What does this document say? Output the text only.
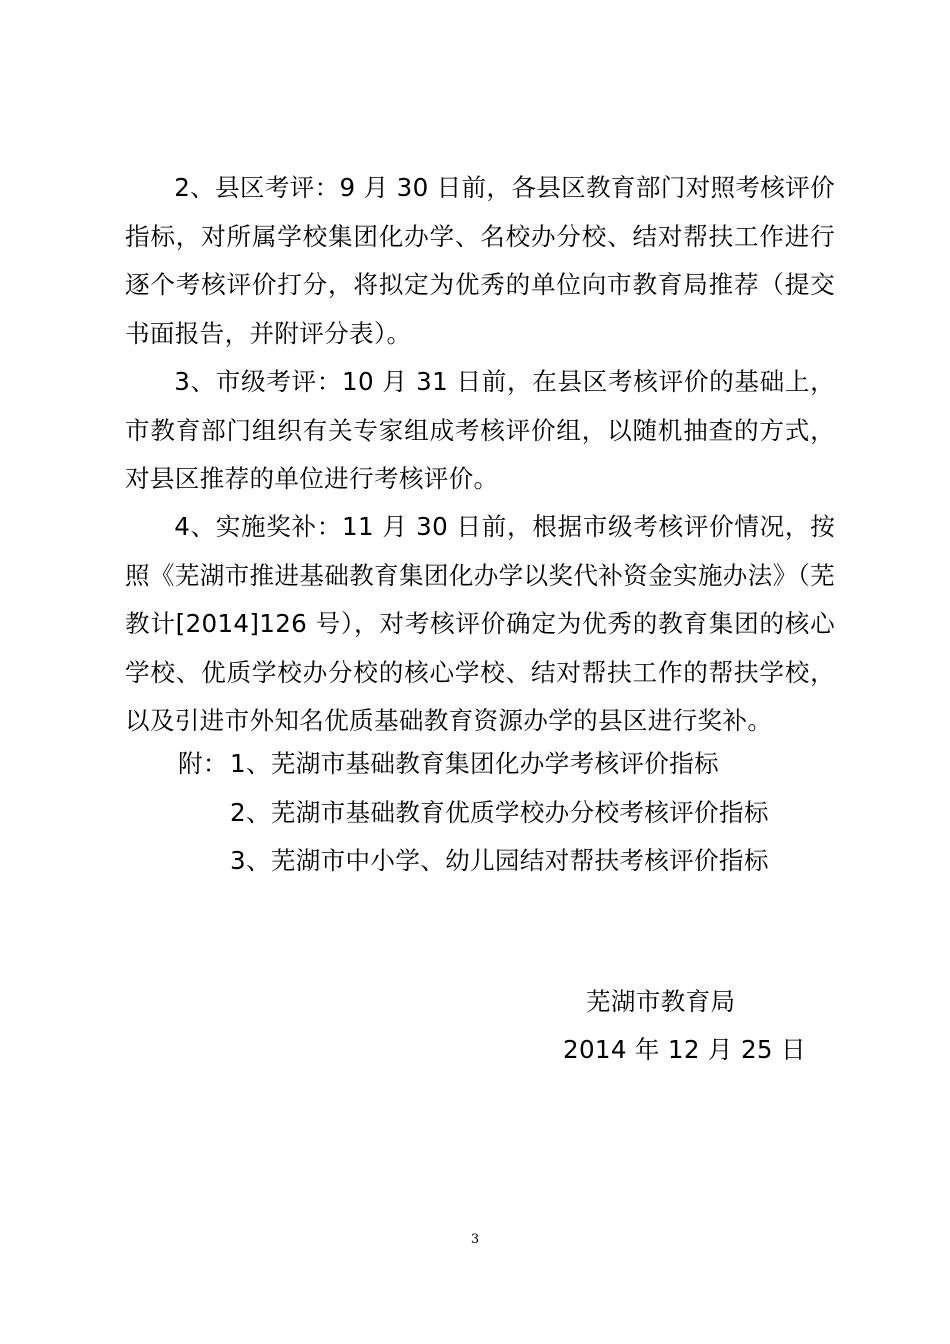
2、县区考评：9 月 30 日前，各县区教育部门对照考核评价指标，对所属学校集团化办学、名校办分校、结对帮扶工作进行逐个考核评价打分，将拟定为优秀的单位向市教育局推荐（提交书面报告，并附评分表）。

3、市级考评：10 月 31 日前，在县区考核评价的基础上，市教育部门组织有关专家组成考核评价组，以随机抽查的方式，对县区推荐的单位进行考核评价。

4、实施奖补：11 月 30 日前，根据市级考核评价情况，按照《芜湖市推进基础教育集团化办学以奖代补资金实施办法》（芜教计[2014]126 号），对考核评价确定为优秀的教育集团的核心学校、优质学校办分校的核心学校、结对帮扶工作的帮扶学校，以及引进市外知名优质基础教育资源办学的县区进行奖补。

附： 1、芜湖市基础教育集团化办学考核评价指标
2、芜湖市基础教育优质学校办分校考核评价指标
3、芜湖市中小学、幼儿园结对帮扶考核评价指标

芜湖市教育局

2014 年 12 月 25 日

3
